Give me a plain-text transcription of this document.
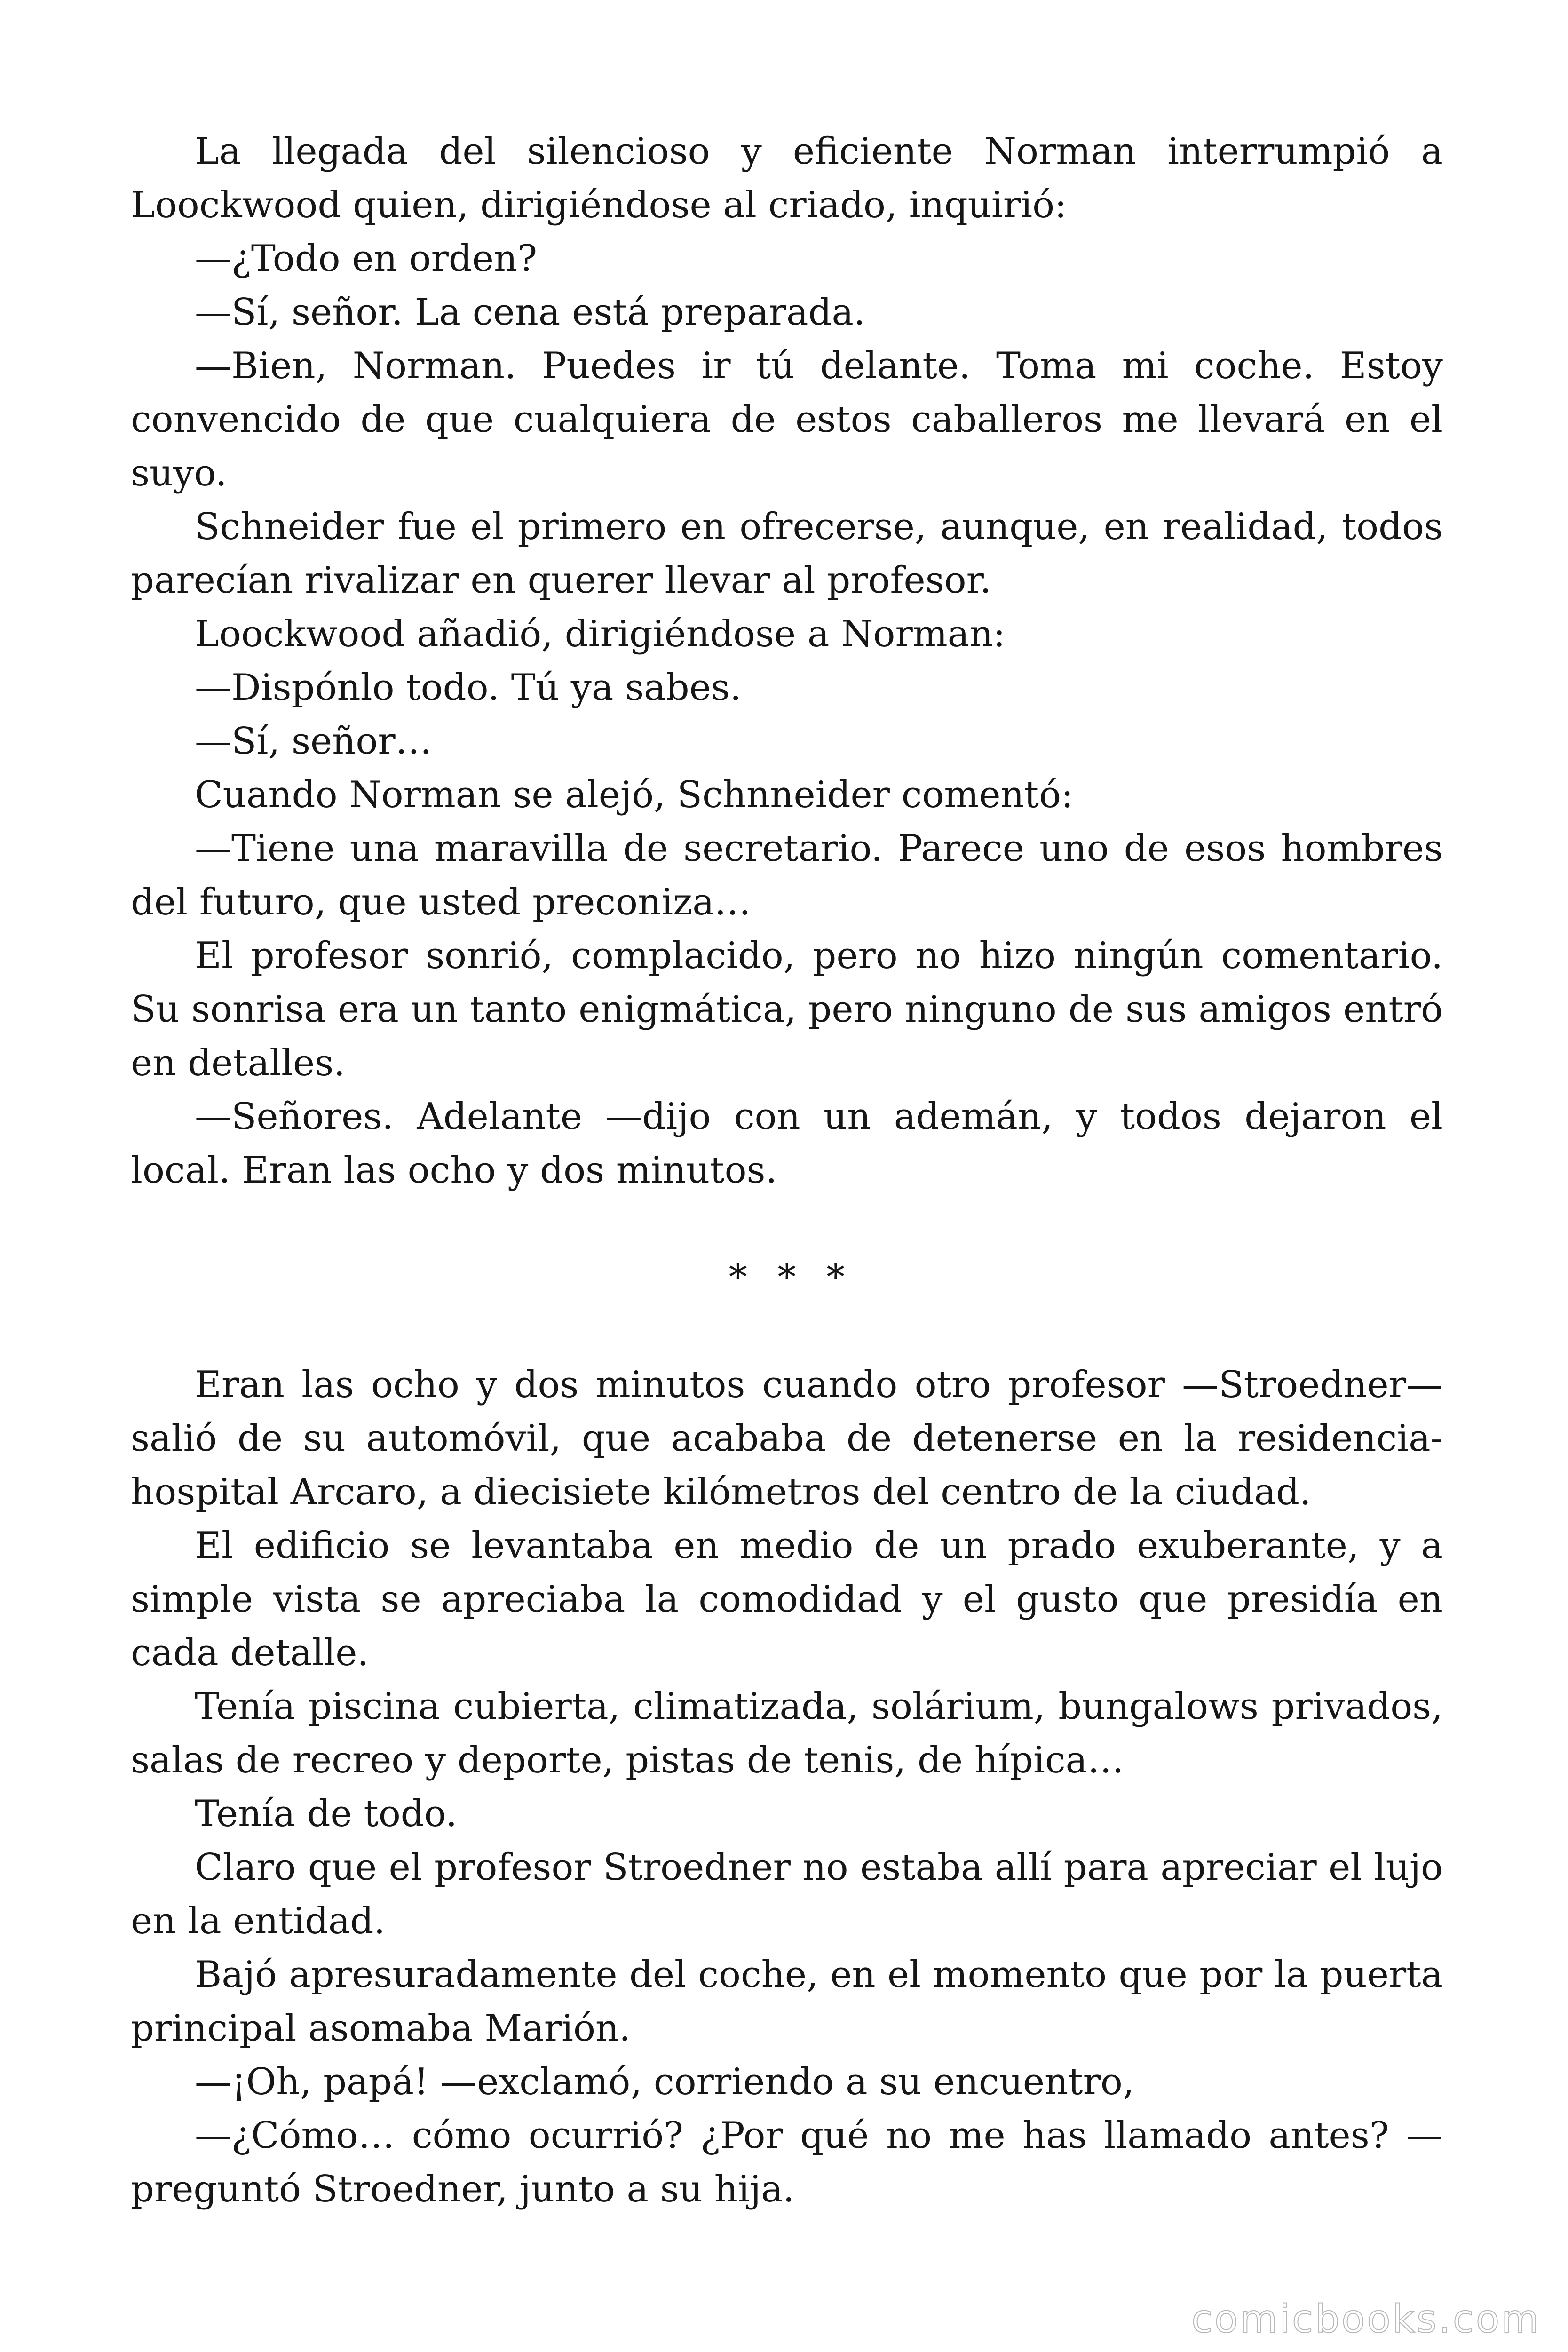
La llegada del silencioso y eficiente Norman interrumpió a Loockwood quien, dirigiéndose al criado, inquirió:

—¿Todo en orden?

—Sí, señor. La cena está preparada.

—Bien, Norman. Puedes ir tú delante. Toma mi coche. Estoy convencido de que cualquiera de estos caballeros me llevará en el suyo.

Schneider fue el primero en ofrecerse, aunque, en realidad, todos parecían rivalizar en querer llevar al profesor.

Loockwood añadió, dirigiéndose a Norman:

—Dispónlo todo. Tú ya sabes.

—Sí, señor…

Cuando Norman se alejó, Schnneider comentó:

—Tiene una maravilla de secretario. Parece uno de esos hombres del futuro, que usted preconiza…

El profesor sonrió, complacido, pero no hizo ningún comentario. Su sonrisa era un tanto enigmática, pero ninguno de sus amigos entró en detalles.

—Señores. Adelante —dijo con un ademán, y todos dejaron el local. Eran las ocho y dos minutos.

* * *

Eran las ocho y dos minutos cuando otro profesor —Stroedner— salió de su automóvil, que acababa de detenerse en la residencia-hospital Arcaro, a diecisiete kilómetros del centro de la ciudad.

El edificio se levantaba en medio de un prado exuberante, y a simple vista se apreciaba la comodidad y el gusto que presidía en cada detalle.

Tenía piscina cubierta, climatizada, solárium, bungalows privados, salas de recreo y deporte, pistas de tenis, de hípica…

Tenía de todo.

Claro que el profesor Stroedner no estaba allí para apreciar el lujo en la entidad.

Bajó apresuradamente del coche, en el momento que por la puerta principal asomaba Marión.

—¡Oh, papá! —exclamó, corriendo a su encuentro,

—¿Cómo… cómo ocurrió? ¿Por qué no me has llamado antes? —preguntó Stroedner, junto a su hija.

comicbooks.com
